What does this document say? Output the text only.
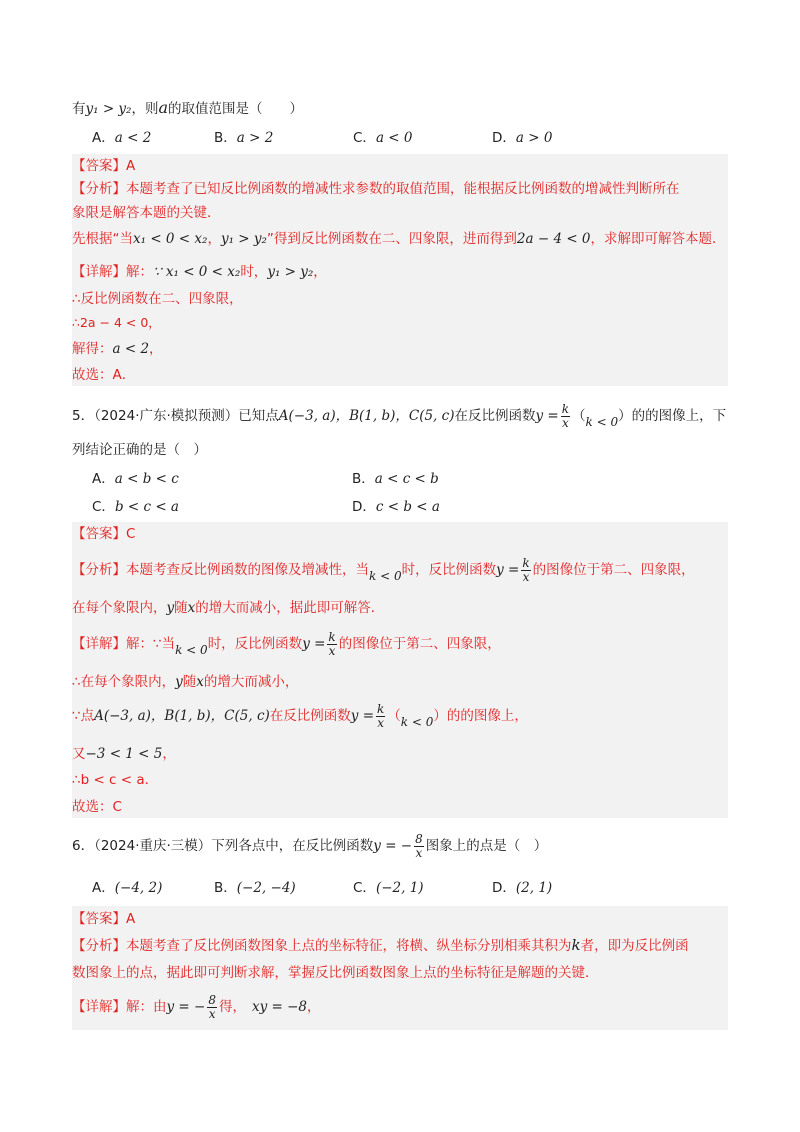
有y₁ > y₂，则a的取值范围是（　　）
A．a < 2	B．a > 2	C．a < 0	D．a > 0
【答案】A
【分析】本题考查了已知反比例函数的增减性求参数的取值范围，能根据反比例函数的增减性判断所在
象限是解答本题的关键．
先根据“当x₁ < 0 < x₂，y₁ > y₂”得到反比例函数在二、四象限，进而得到2a − 4 < 0，求解即可解答本题．
【详解】解：∵ x₁ < 0 < x₂时，y₁ > y₂，
∴反比例函数在二、四象限，
∴2a − 4 < 0，
解得：a < 2，
故选：A．
5．（2024·广东·模拟预测）已知点A(−3, a)，B(1, b)，C(5, c)在反比例函数$y = \frac{k}{x} (k < 0)$的的图像上，下
列结论正确的是（　）
A．a < b < c	B．a < c < b
C．b < c < a	D．c < b < a
【答案】C
【分析】本题考查反比例函数的图像及增减性，当k < 0时，反比例函数$y = \frac{k}{x}$ 的图像位于第二、四象限，
在每个象限内，y随x的增大而减小，据此即可解答．
【详解】解：∵当k < 0时，反比例函数$y = \frac{k}{x}$ 的图像位于第二、四象限，
∴在每个象限内，y随x的增大而减小，
∵点A(−3, a)，B(1, b)，C(5, c)在反比例函数$y = \frac{k}{x} (k < 0)$的的图像上，
又−3 < 1 < 5，
∴b < c < a．
故选：C
6．（2024·重庆·三模）下列各点中，在反比例函数y = − $\frac{8}{x}$ 图象上的点是（　）
A．(−4, 2)	B．(−2, −4)	C．(−2, 1)	D．(2, 1)
【答案】A
【分析】本题考查了反比例函数图象上点的坐标特征，将横、纵坐标分别相乘其积为k者，即为反比例函
数图象上的点，据此即可判断求解，掌握反比例函数图象上点的坐标特征是解题的关键．
【详解】解：由y = − $\frac{8}{x}$ 得， xy = −8，
